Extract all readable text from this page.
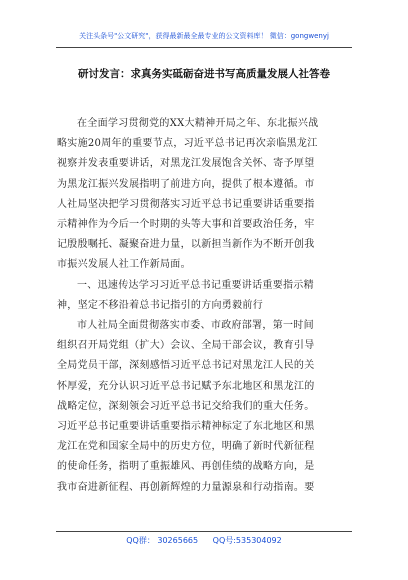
关注头条号"公文研究"，获得最新最全最专业的公文资料库！ 微信：gongwenyj
研讨发言：求真务实砥砺奋进书写高质量发展人社答卷
在全面学习贯彻党的XX大精神开局之年、东北振兴战
略实施20周年的重要节点，习近平总书记再次亲临黑龙江
视察并发表重要讲话，对黑龙江发展饱含关怀、寄予厚望
为黑龙江振兴发展指明了前进方向，提供了根本遵循。市
人社局坚决把学习贯彻落实习近平总书记重要讲话重要指
示精神作为今后一个时期的头等大事和首要政治任务，牢
记殷殷嘱托、凝聚奋进力量，以新担当新作为不断开创我
市振兴发展人社工作新局面。
一、迅速传达学习习近平总书记重要讲话重要指示精
神，坚定不移沿着总书记指引的方向勇毅前行
市人社局全面贯彻落实市委、市政府部署，第一时间
组织召开局党组（扩大）会议、全局干部会议，教育引导
全局党员干部，深刻感悟习近平总书记对黑龙江人民的关
怀厚爱，充分认识习近平总书记赋予东北地区和黑龙江的
战略定位，深刻领会习近平总书记交给我们的重大任务。
习近平总书记重要讲话重要指示精神标定了东北地区和黑
龙江在党和国家全局中的历史方位，明确了新时代新征程
的使命任务，指明了重振雄风、再创佳绩的战略方向，是
我市奋进新征程、再创新辉煌的力量源泉和行动指南。要
QQ群： 30265665 QQ号:535304092
